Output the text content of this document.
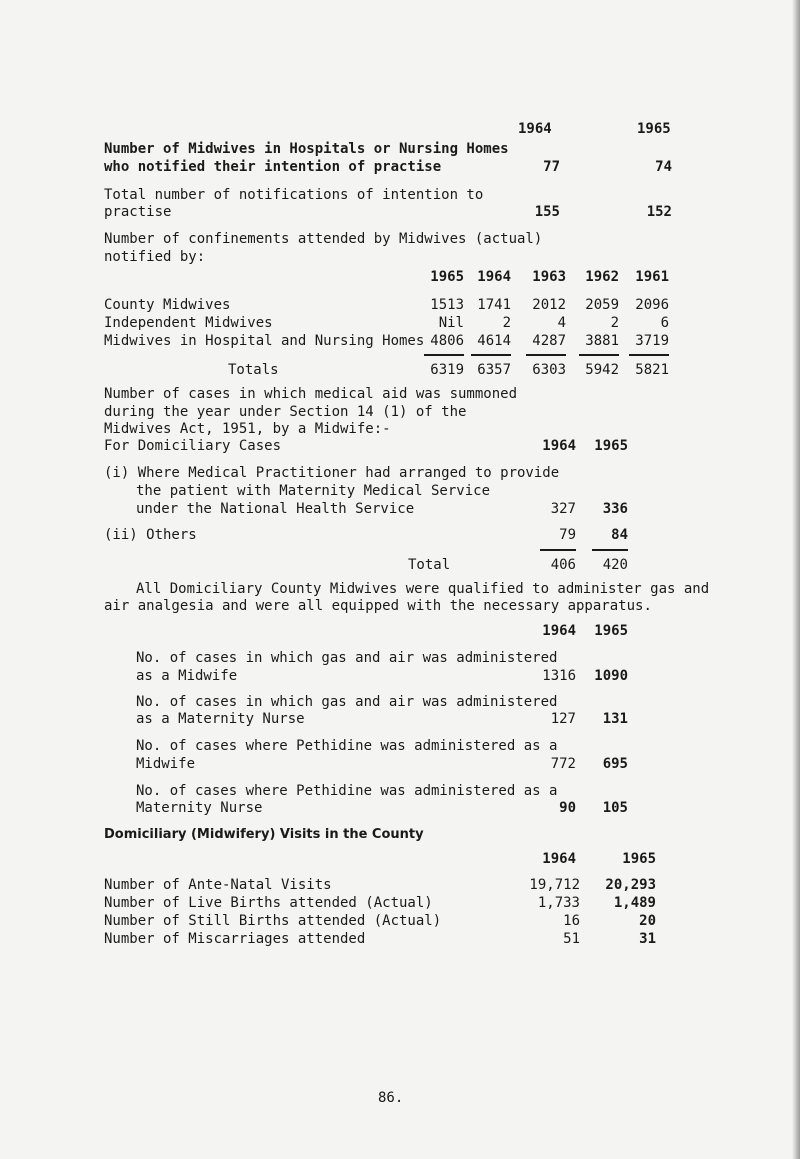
1964	1965
Number of Midwives in Hospitals or Nursing Homes
who notified their intention of practise	77	74
Total number of notifications of intention to
practise	155	152
Number of confinements attended by Midwives (actual)
notified by:
1965 1964	1963	1962	1961
County Midwives	1513 1741	2012	2059	2096
Independent Midwives	Nil	2	4	2	6
Midwives in Hospital and Nursing Homes 4806 4614	4287	3881	3719
Totals	6319 6357	6303	5942	5821
Number of cases in which medical aid was summoned
during the year under Section 14 (1) of the
Midwives Act, 1951, by a Midwife:-
For Domiciliary Cases	1964	1965
(i) Where Medical Practitioner had arranged to provide
the patient with Maternity Medical Service
under the National Health Service	327	336
(ii) Others	79	84
Total	406	420
All Domiciliary County Midwives were qualified to administer gas and
air analgesia and were all equipped with the necessary apparatus.
1964	1965
No. of cases in which gas and air was administered
as a Midwife	1316	1090
No. of cases in which gas and air was administered
as a Maternity Nurse	127	131
No. of cases where Pethidine was administered as a
Midwife	772	695
No. of cases where Pethidine was administered as a
Maternity Nurse	90	105
Domiciliary (Midwifery) Visits in the County
1964	1965
Number of Ante-Natal Visits	19,712	20,293
Number of Live Births attended (Actual)	1,733	1,489
Number of Still Births attended (Actual)	16	20
Number of Miscarriages attended	51	31
86.
